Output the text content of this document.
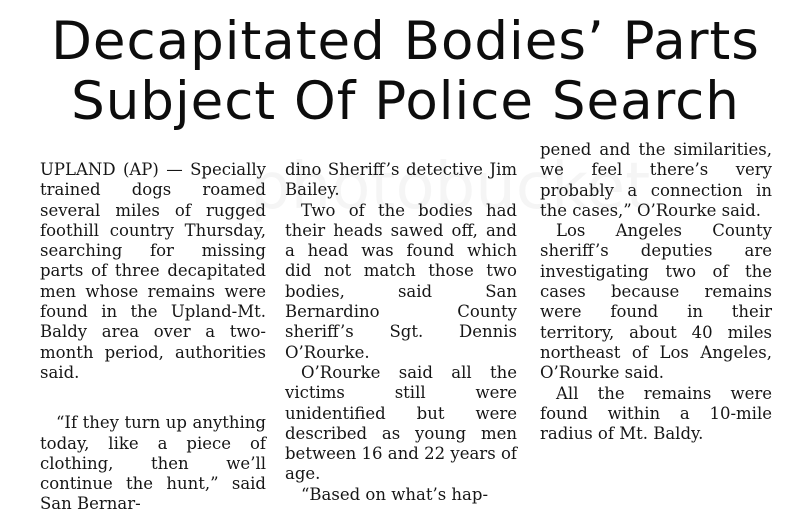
Decapitated Bodies’ Parts
Subject Of Police Search

UPLAND (AP) — Specially trained dogs roamed several miles of rugged foothill country Thursday, searching for missing parts of three decapitated men whose remains were found in the Upland-Mt. Baldy area over a two-month period, authorities said.

“If they turn up anything today, like a piece of clothing, then we’ll continue the hunt,” said San Bernar-

dino Sheriff’s detective Jim Bailey.

Two of the bodies had their heads sawed off, and a head was found which did not match those two bodies, said San Bernardino County sheriff’s Sgt. Dennis O’Rourke.

O’Rourke said all the victims still were unidentified but were described as young men between 16 and 22 years of age.

“Based on what’s hap-

pened and the similarities, we feel there’s very probably a connection in the cases,” O’Rourke said.

Los Angeles County sheriff’s deputies are investigating two of the cases because remains were found in their territory, about 40 miles northeast of Los Angeles, O’Rourke said.

All the remains were found within a 10-mile radius of Mt. Baldy.
